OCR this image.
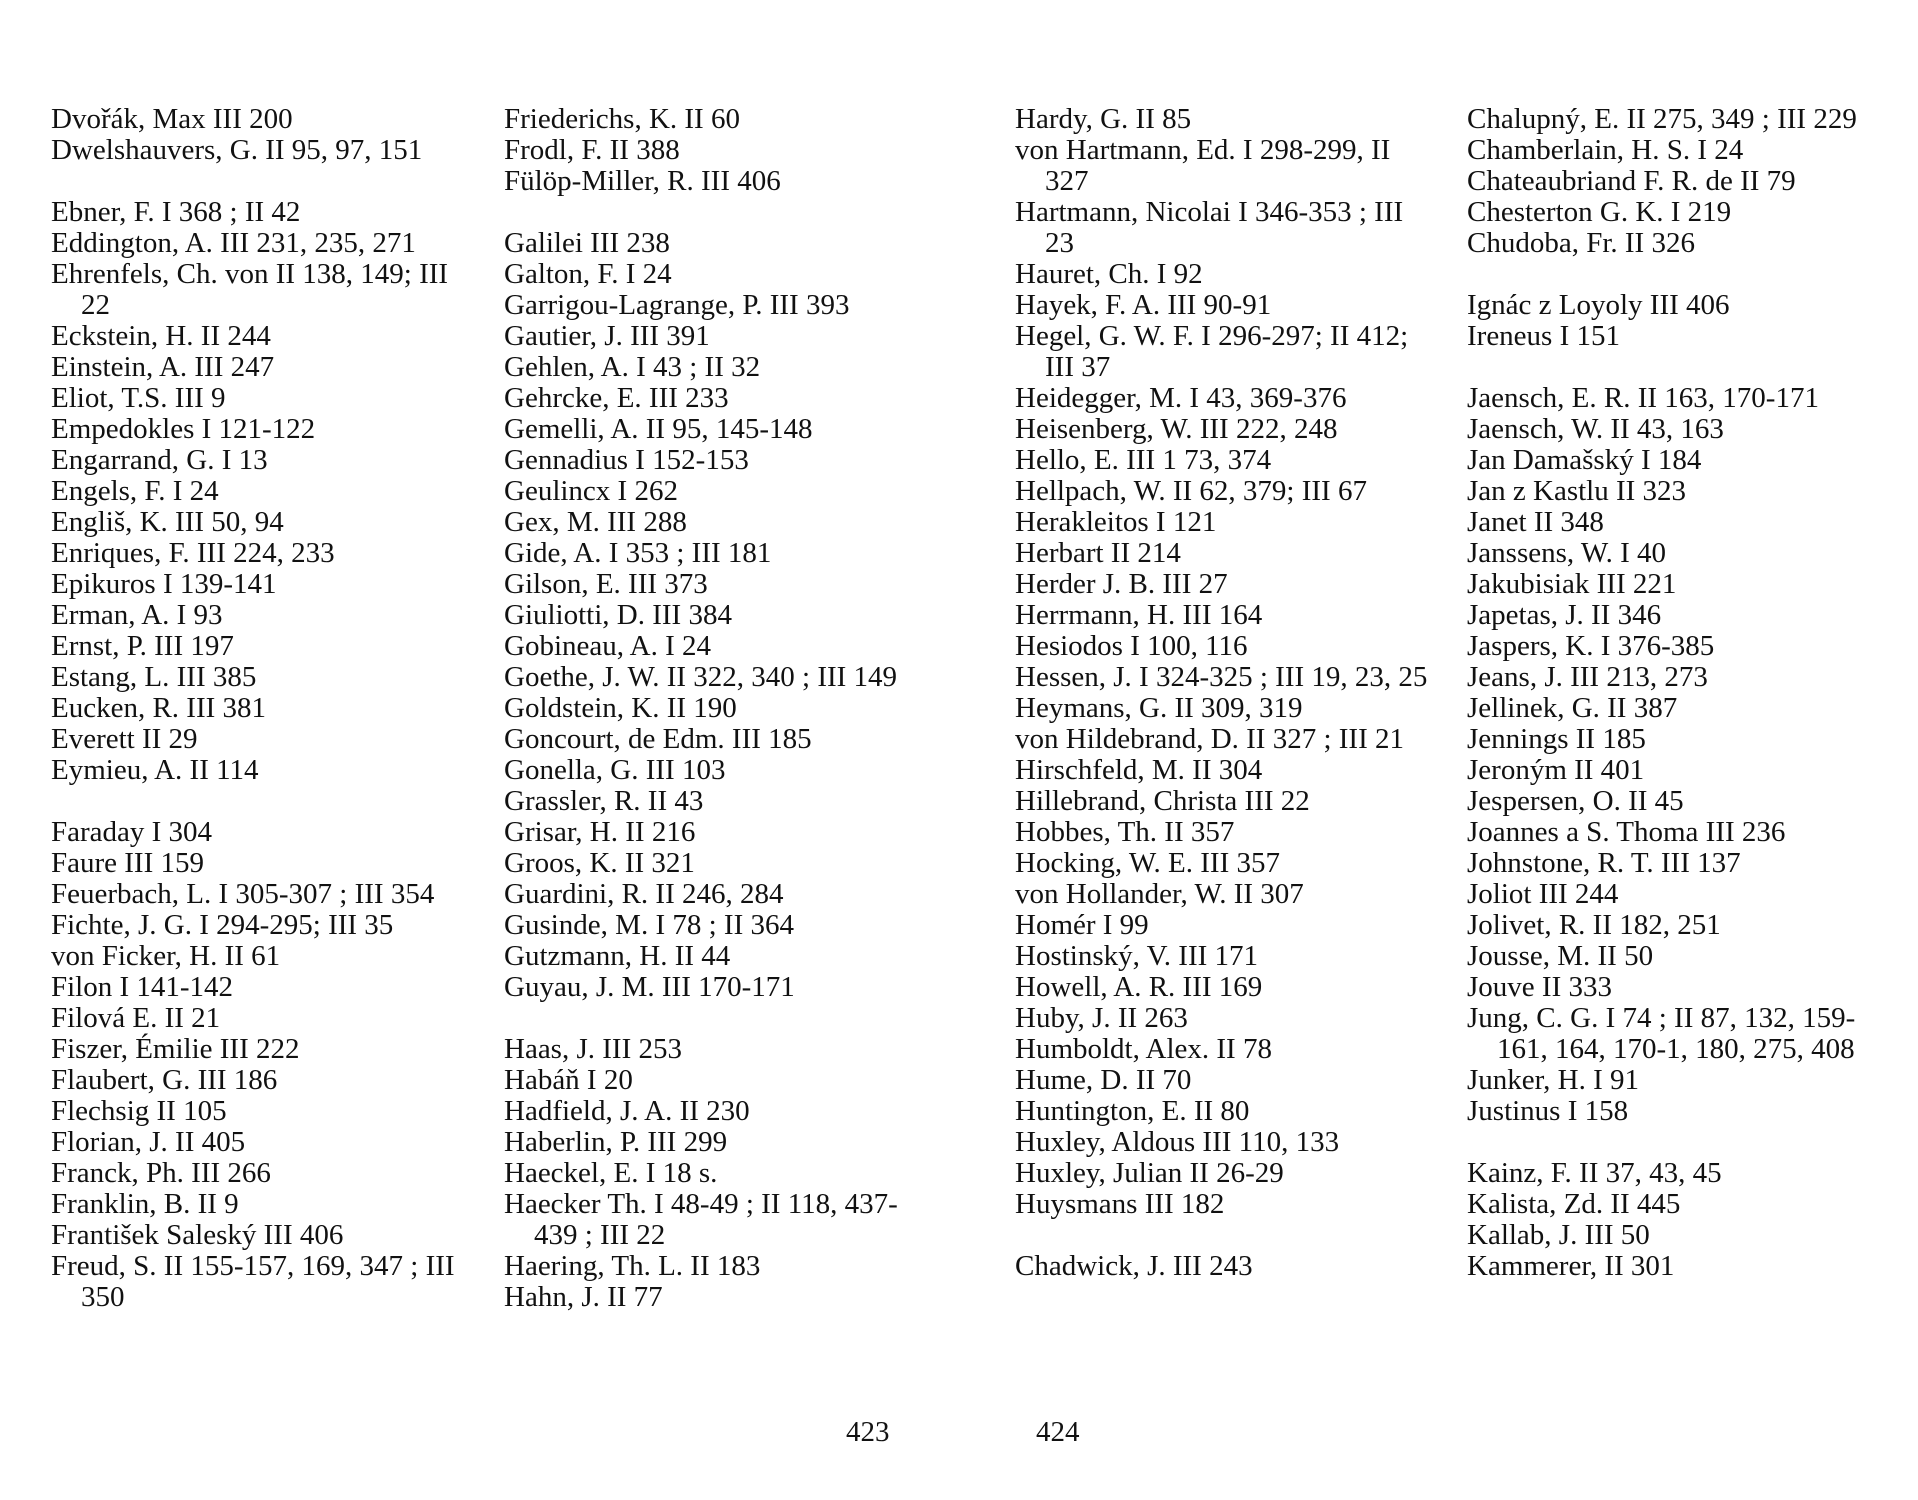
Dvořák, Max III 200
Dwelshauvers, G. II 95, 97, 151
Ebner, F. I 368 ; II 42
Eddington, A. III 231, 235, 271
Ehrenfels, Ch. von II 138, 149; III 22
Eckstein, H. II 244
Einstein, A. III 247
Eliot, T.S. III 9
Empedokles I 121-122
Engarrand, G. I 13
Engels, F. I 24
Engliš, K. III 50, 94
Enriques, F. III 224, 233
Epikuros I 139-141
Erman, A. I 93
Ernst, P. III 197
Estang, L. III 385
Eucken, R. III 381
Everett II 29
Eymieu, A. II 114
Faraday I 304
Faure III 159
Feuerbach, L. I 305-307 ; III 354
Fichte, J. G. I 294-295; III 35
von Ficker, H. II 61
Filon I 141-142
Filová E. II 21
Fiszer, Émilie III 222
Flaubert, G. III 186
Flechsig II 105
Florian, J. II 405
Franck, Ph. III 266
Franklin, B. II 9
František Saleský III 406
Freud, S. II 155-157, 169, 347 ; III 350
Friederichs, K. II 60
Frodl, F. II 388
Fülöp-Miller, R. III 406
Galilei III 238
Galton, F. I 24
Garrigou-Lagrange, P. III 393
Gautier, J. III 391
Gehlen, A. I 43 ; II 32
Gehrcke, E. III 233
Gemelli, A. II 95, 145-148
Gennadius I 152-153
Geulincx I 262
Gex, M. III 288
Gide, A. I 353 ; III 181
Gilson, E. III 373
Giuliotti, D. III 384
Gobineau, A. I 24
Goethe, J. W. II 322, 340 ; III 149
Goldstein, K. II 190
Goncourt, de Edm. III 185
Gonella, G. III 103
Grassler, R. II 43
Grisar, H. II 216
Groos, K. II 321
Guardini, R. II 246, 284
Gusinde, M. I 78 ; II 364
Gutzmann, H. II 44
Guyau, J. M. III 170-171
Haas, J. III 253
Habáň I 20
Hadfield, J. A. II 230
Haberlin, P. III 299
Haeckel, E. I 18 s.
Haecker Th. I 48-49 ; II 118, 437-439 ; III 22
Haering, Th. L. II 183
Hahn, J. II 77
Hardy, G. II 85
von Hartmann, Ed. I 298-299, II 327
Hartmann, Nicolai I 346-353 ; III 23
Hauret, Ch. I 92
Hayek, F. A. III 90-91
Hegel, G. W. F. I 296-297; II 412; III 37
Heidegger, M. I 43, 369-376
Heisenberg, W. III 222, 248
Hello, E. III 1 73, 374
Hellpach, W. II 62, 379; III 67
Herakleitos I 121
Herbart II 214
Herder J. B. III 27
Herrmann, H. III 164
Hesiodos I 100, 116
Hessen, J. I 324-325 ; III 19, 23, 25
Heymans, G. II 309, 319
von Hildebrand, D. II 327 ; III 21
Hirschfeld, M. II 304
Hillebrand, Christa III 22
Hobbes, Th. II 357
Hocking, W. E. III 357
von Hollander, W. II 307
Homér I 99
Hostinský, V. III 171
Howell, A. R. III 169
Huby, J. II 263
Humboldt, Alex. II 78
Hume, D. II 70
Huntington, E. II 80
Huxley, Aldous III 110, 133
Huxley, Julian II 26-29
Huysmans III 182
Chadwick, J. III 243
Chalupný, E. II 275, 349 ; III 229
Chamberlain, H. S. I 24
Chateaubriand F. R. de II 79
Chesterton G. K. I 219
Chudoba, Fr. II 326
Ignác z Loyoly III 406
Ireneus I 151
Jaensch, E. R. II 163, 170-171
Jaensch, W. II 43, 163
Jan Damašský I 184
Jan z Kastlu II 323
Janet II 348
Janssens, W. I 40
Jakubisiak III 221
Japetas, J. II 346
Jaspers, K. I 376-385
Jeans, J. III 213, 273
Jellinek, G. II 387
Jennings II 185
Jeroným II 401
Jespersen, O. II 45
Joannes a S. Thoma III 236
Johnstone, R. T. III 137
Joliot III 244
Jolivet, R. II 182, 251
Jousse, M. II 50
Jouve II 333
Jung, C. G. I 74 ; II 87, 132, 159-161, 164, 170-1, 180, 275, 408
Junker, H. I 91
Justinus I 158
Kainz, F. II 37, 43, 45
Kalista, Zd. II 445
Kallab, J. III 50
Kammerer, II 301
423	424
